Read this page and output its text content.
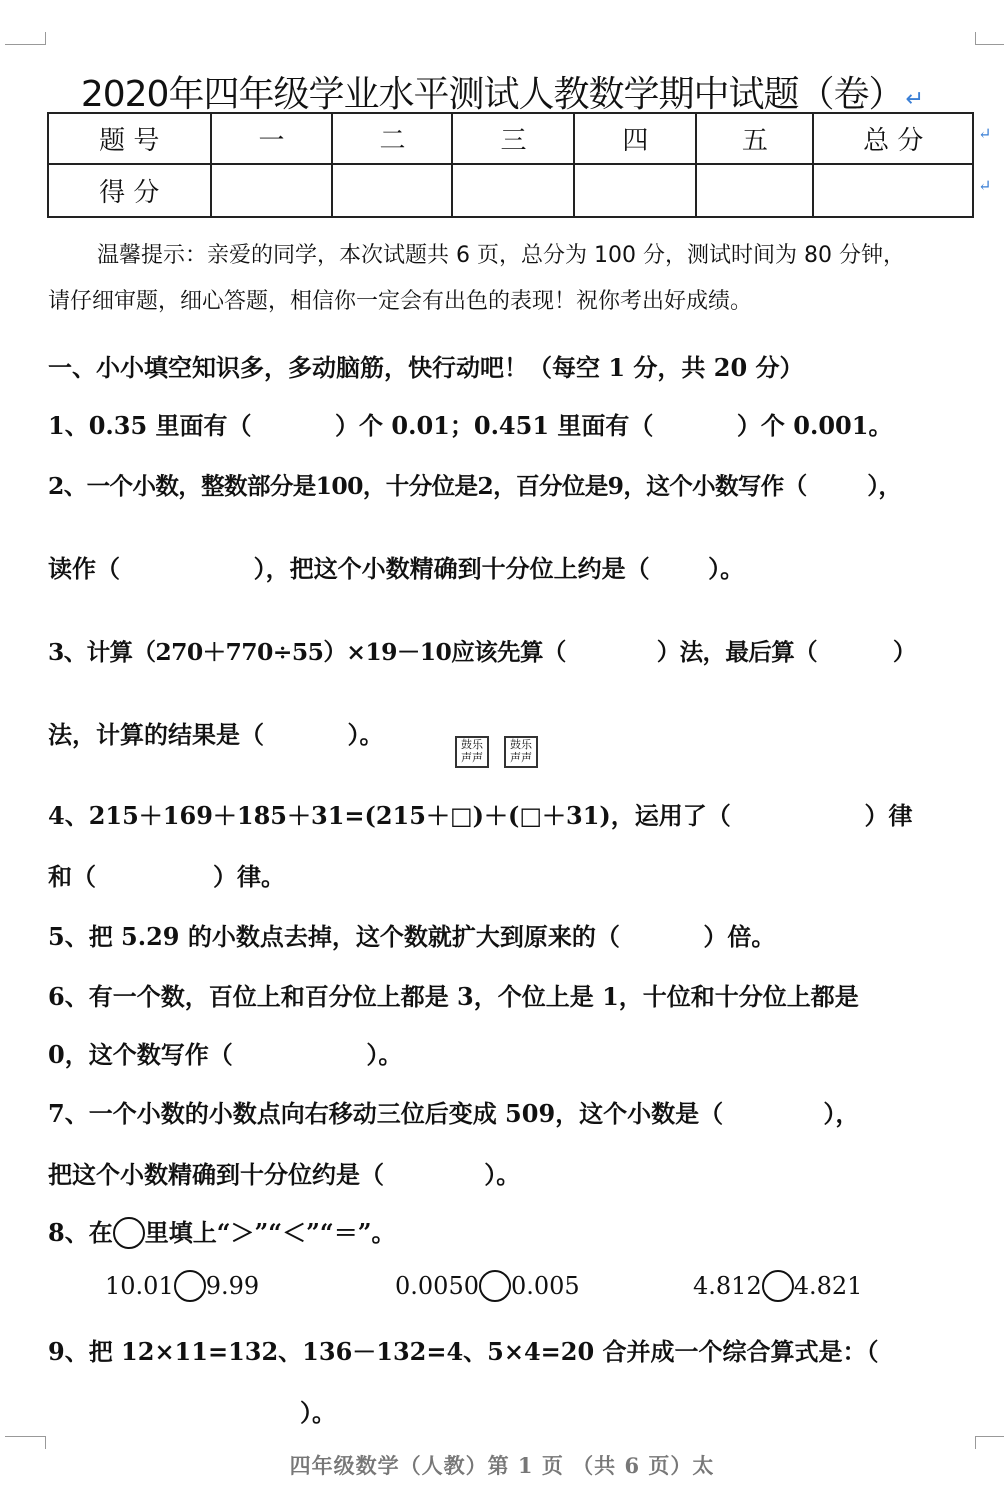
2020年四年级学业水平测试人教数学期中试题（卷）↵
题 号	一	二	三	四	五	总 分
得 分						
↵
↵
温馨提示：亲爱的同学，本次试题共 6 页，总分为 100 分，测试时间为 80 分钟，
请仔细审题，细心答题，相信你一定会有出色的表现！祝你考出好成绩。
一、小小填空知识多，多动脑筋，快行动吧！（每空 1 分，共 20 分）
1、0.35 里面有（          ）个 0.01；0.451 里面有（          ）个 0.001。
2、一个小数，整数部分是100，十分位是2，百分位是9，这个小数写作（        ），
读作（                ），把这个小数精确到十分位上约是（       ）。
3、计算（270＋770÷55）×19－10应该先算（            ）法，最后算（          ）
法，计算的结果是（          ）。	鼓乐
声声
鼓乐
声声
4、215＋169＋185＋31=(215＋□)＋(□＋31)，运用了（                ）律
和（              ）律。
5、把 5.29 的小数点去掉，这个数就扩大到原来的（          ）倍。
6、有一个数，百位上和百分位上都是 3，个位上是 1，十位和十分位上都是
0，这个数写作（                ）。
7、一个小数的小数点向右移动三位后变成 509，这个小数是（            ），
把这个小数精确到十分位约是（            ）。
8、在 里填上“＞”“＜”“＝”。
10.01 9.99	0.0050 0.005	4.812 4.821
9、把 12×11=132、136－132=4、5×4=20 合并成一个综合算式是：（
）。
四年级数学（人教）第 1 页 （共 6 页）太
